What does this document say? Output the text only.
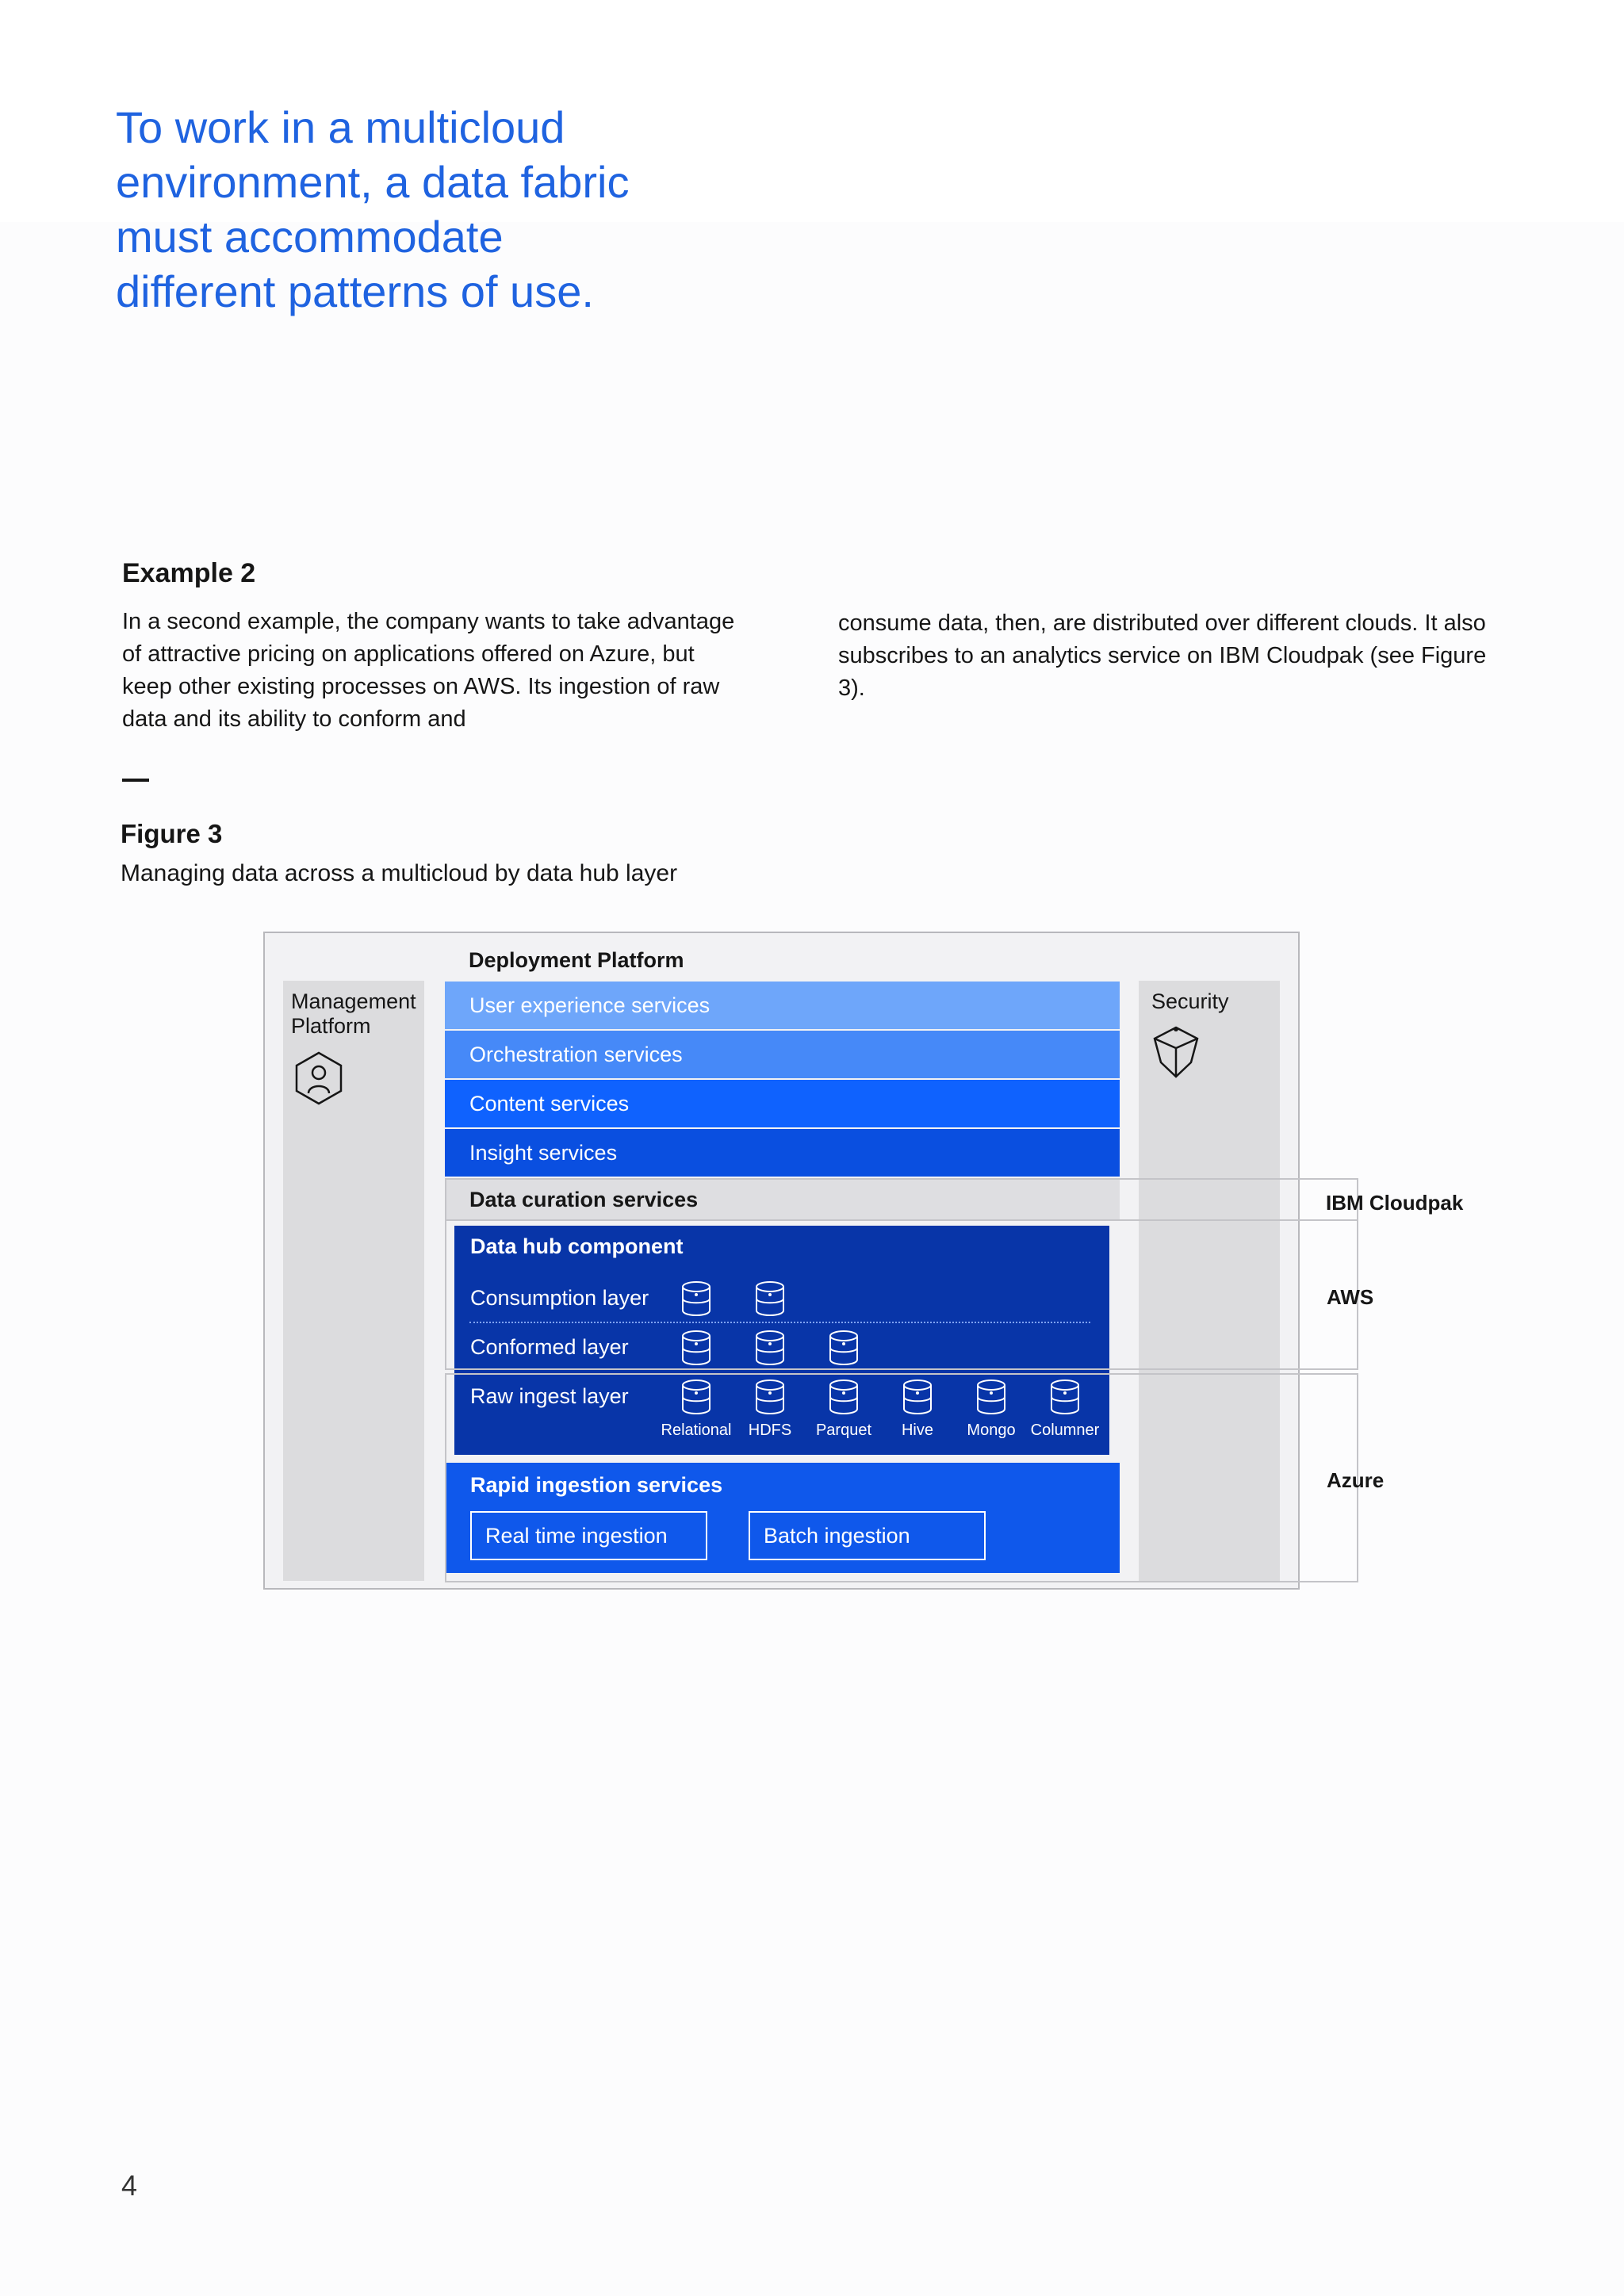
To work in a multicloud
environment, a data fabric
must accommodate
different patterns of use.
Example 2
In a second example, the company wants to take advantage of attractive pricing on applications offered on Azure, but keep other existing processes on AWS. Its ingestion of raw data and its ability to conform and
consume data, then, are distributed over different clouds. It also subscribes to an analytics service on IBM Cloudpak (see Figure 3).
Figure 3
Managing data across a multicloud by data hub layer
Deployment Platform
Management
Platform
Security
User experience services
Orchestration services
Content services
Insight services
Data curation services
Data hub component
Consumption layer
Conformed layer
Raw ingest layer
Relational	HDFS	Parquet	Hive	Mongo Columner
Rapid ingestion services
Real time ingestion	Batch ingestion
IBM Cloudpak
AWS
Azure
4
